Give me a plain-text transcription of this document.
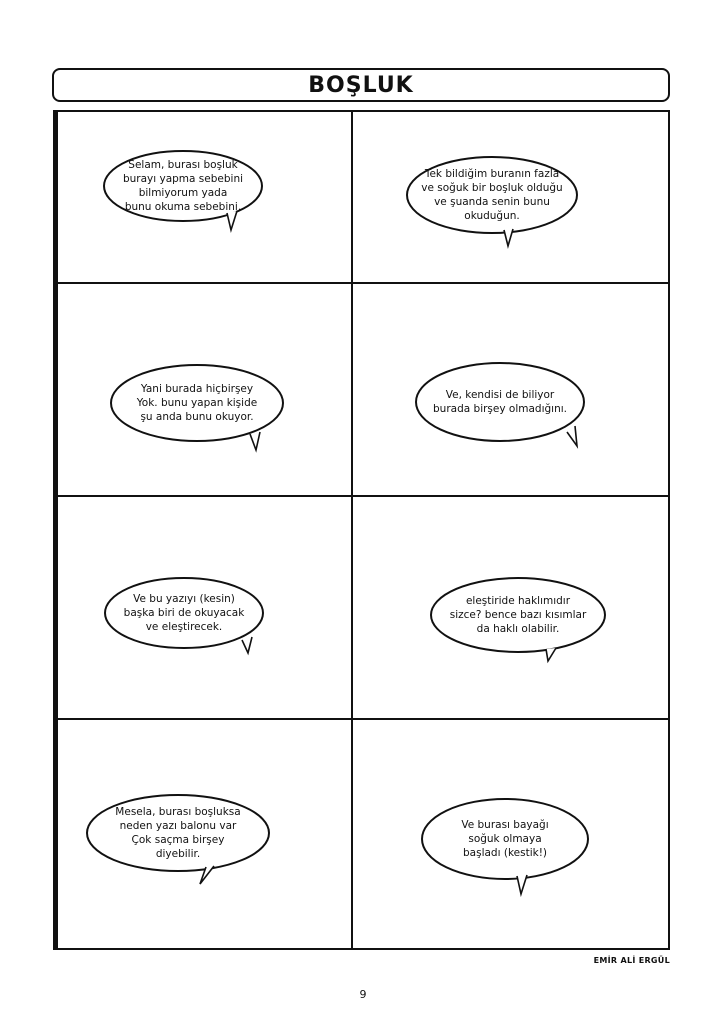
BOŞLUK
Selam, burası boşluk
burayı yapma sebebini
bilmiyorum yada
bunu okuma sebebini.
Tek bildiğim buranın fazla
ve soğuk bir boşluk olduğu
ve şuanda senin bunu
okuduğun.
Yani burada hiçbirşey
Yok. bunu yapan kişide
şu anda bunu okuyor.
Ve, kendisi de biliyor
burada birşey olmadığını.
Ve bu yazıyı (kesin)
başka biri de okuyacak
ve eleştirecek.
eleştiride haklımıdır
sizce? bence bazı kısımlar
da haklı olabilir.
Mesela, burası boşluksa
neden yazı balonu var
Çok saçma birşey
diyebilir.
Ve burası bayağı
soğuk olmaya
başladı (kestik!)
EMİR ALİ ERGÜL
9
